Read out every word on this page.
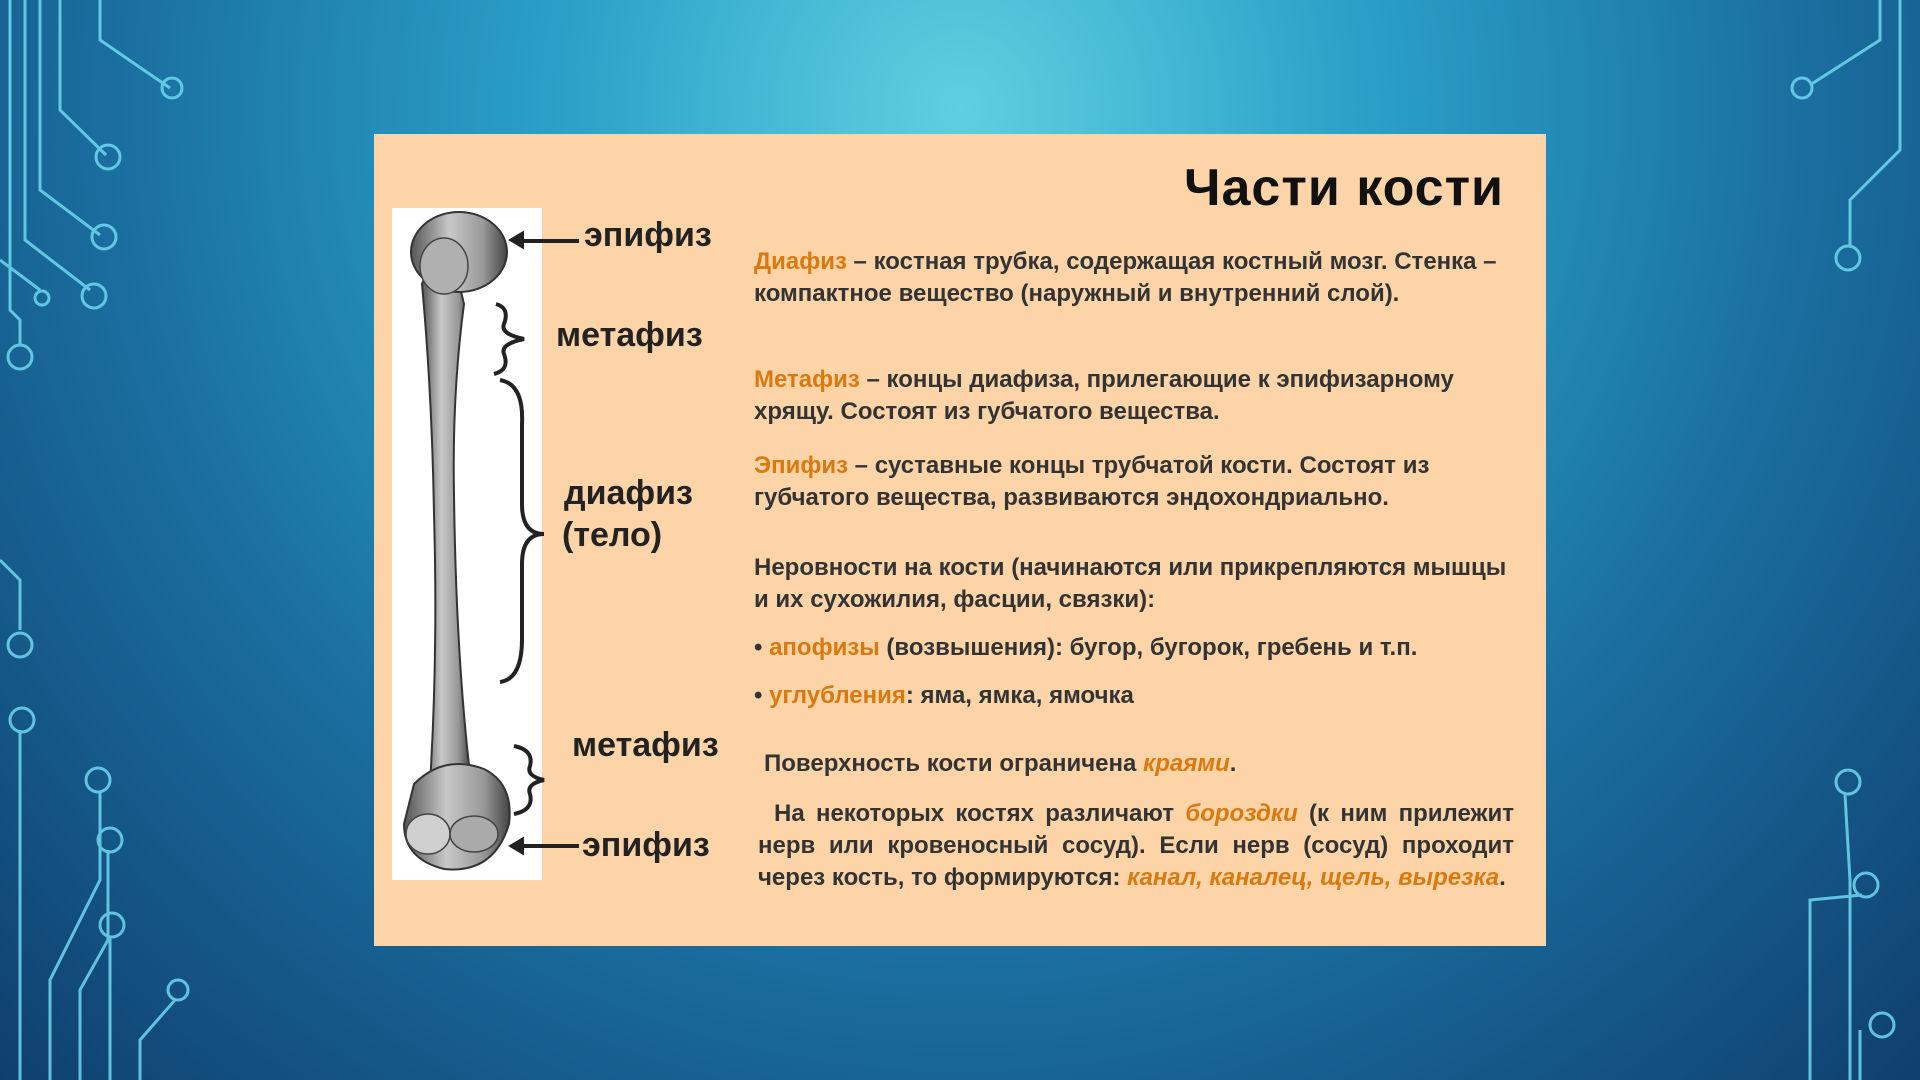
эпифиз
метафиз
диафиз
(тело)
метафиз
эпифиз
Части кости
Диафиз – костная трубка, содержащая костный мозг. Стенка – компактное вещество (наружный и внутренний слой).
Метафиз – концы диафиза, прилегающие к эпифизарному хрящу. Состоят из губчатого вещества.
Эпифиз – суставные концы трубчатой кости. Состоят из губчатого вещества, развиваются эндохондриально.
Неровности на кости (начинаются или прикрепляются мышцы и их сухожилия, фасции, связки):
• апофизы (возвышения): бугор, бугорок, гребень и т.п.
• углубления: яма, ямка, ямочка
Поверхность кости ограничена краями.
На некоторых костях различают бороздки (к ним прилежит нерв или кровеносный сосуд). Если нерв (сосуд) проходит через кость, то формируются: канал, каналец, щель, вырезка.
